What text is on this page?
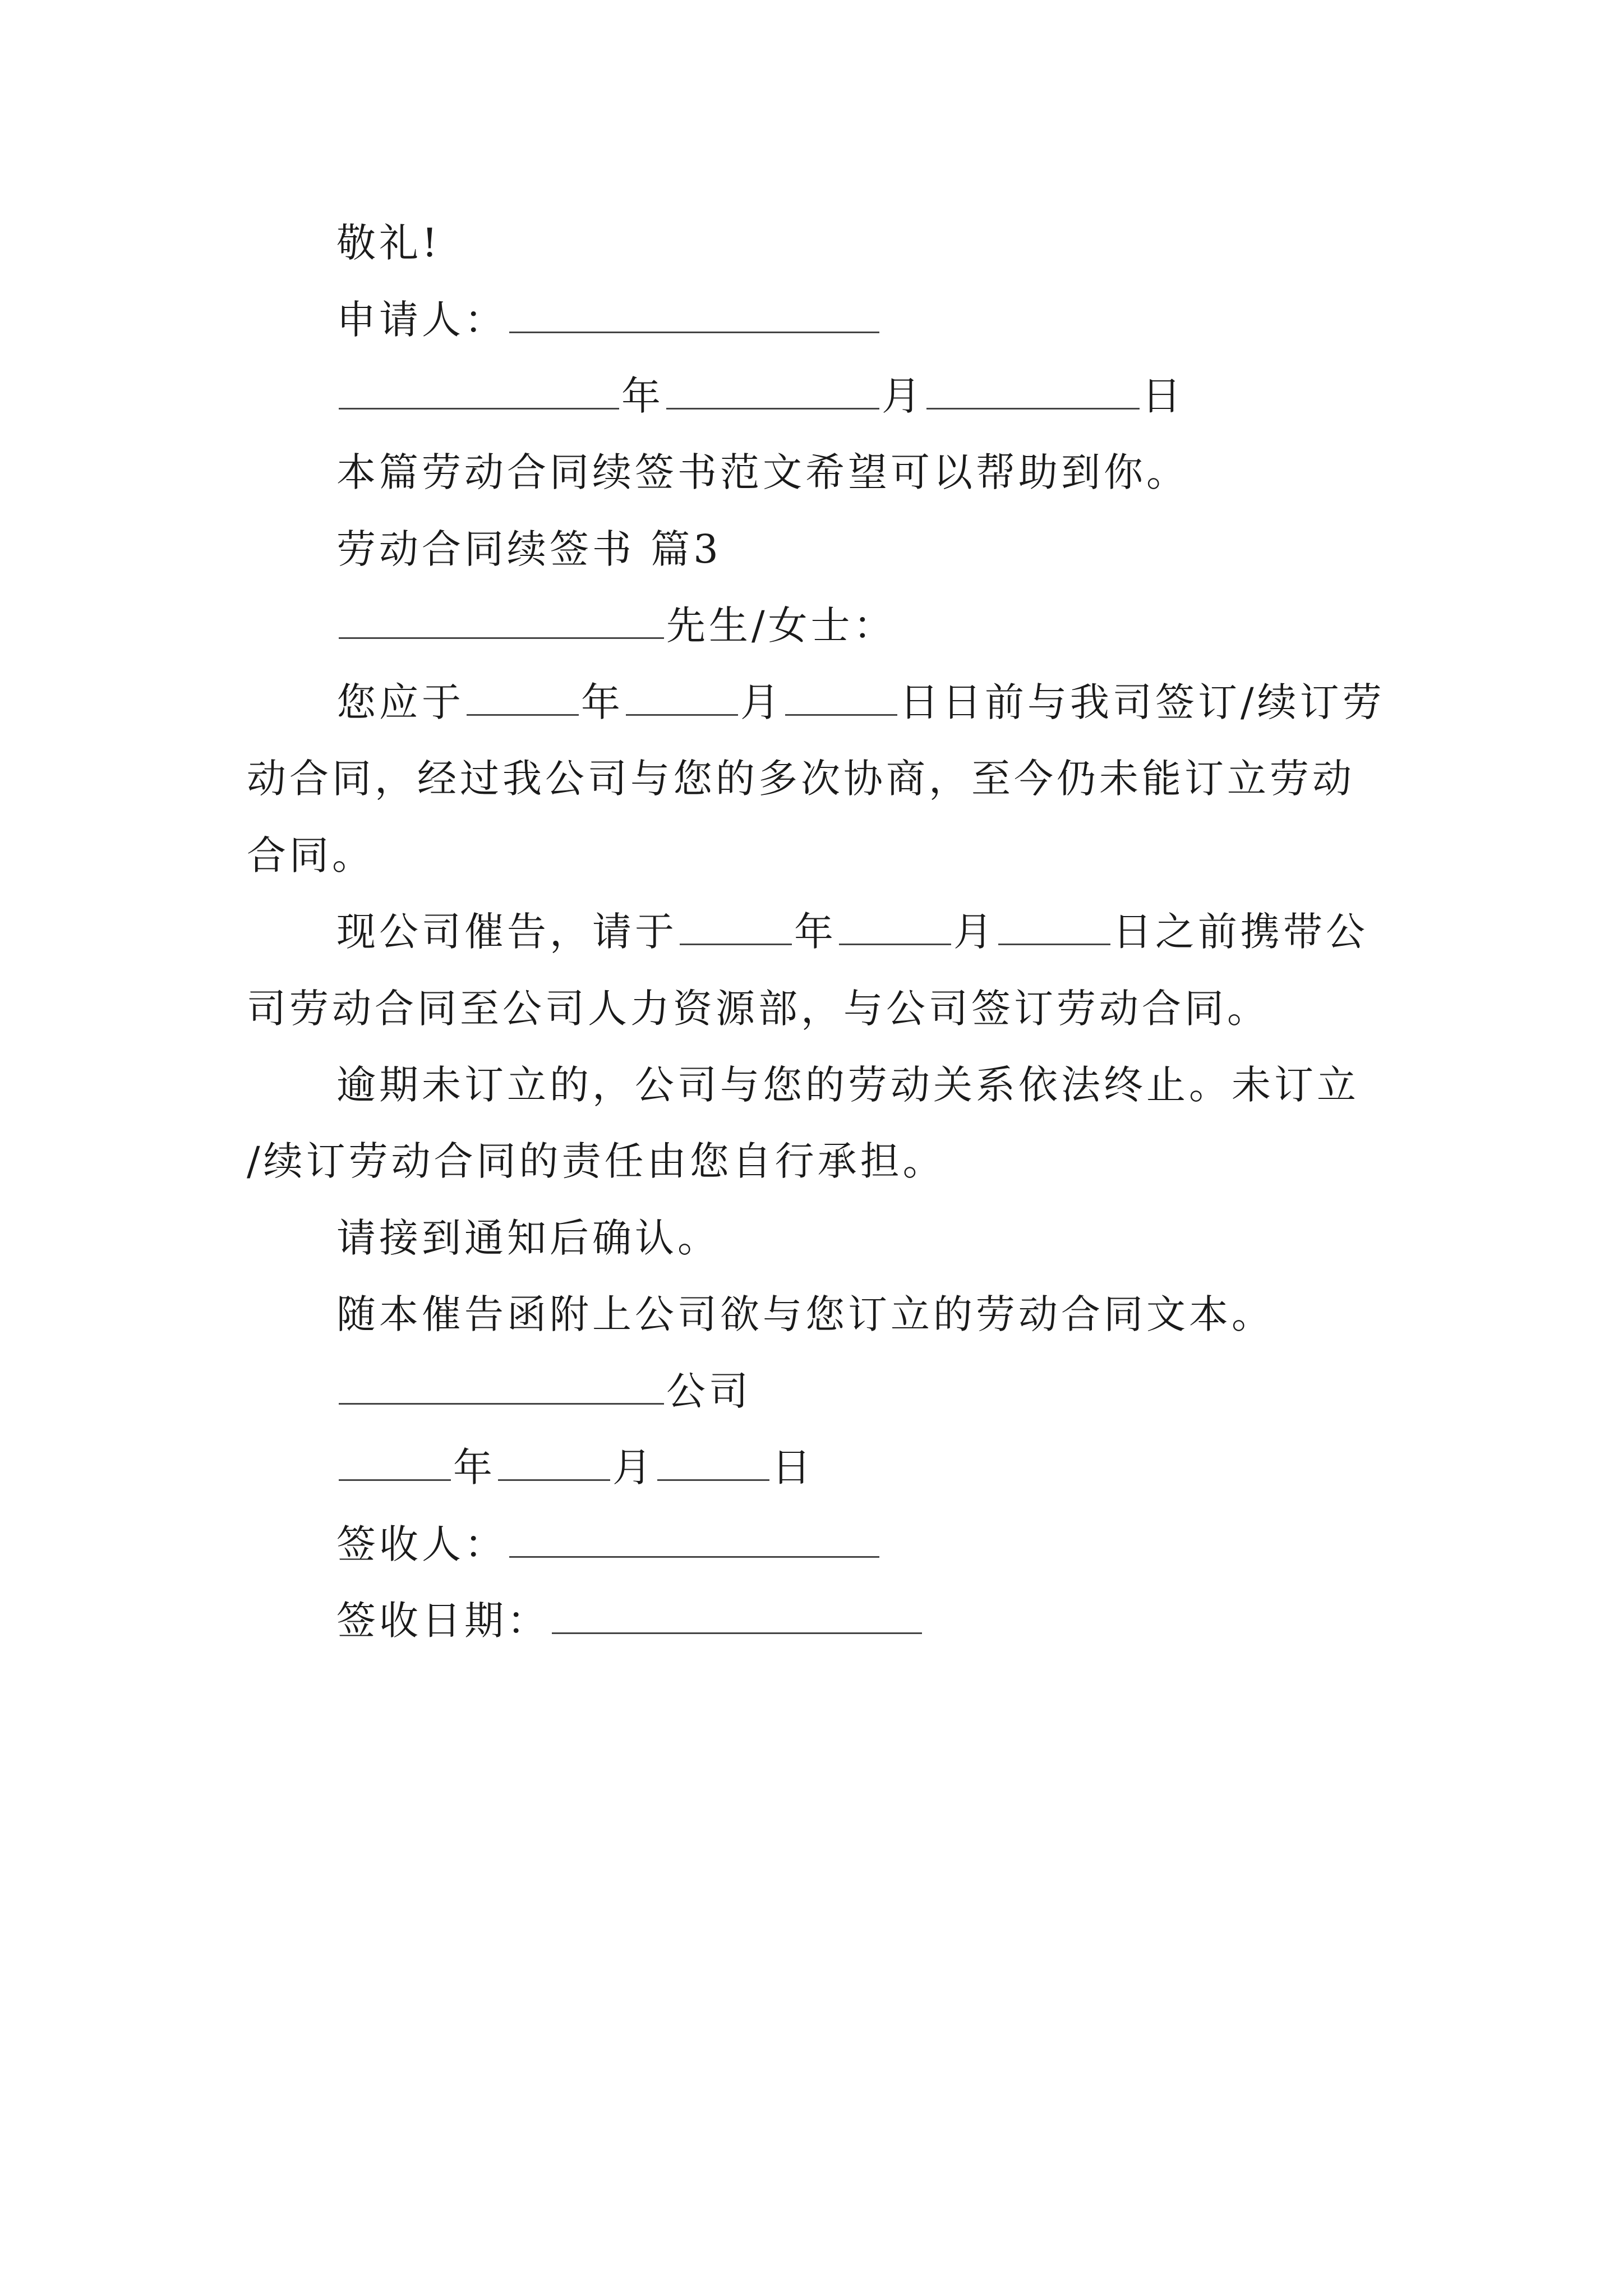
敬礼!
申请人：
年	月	日
本篇劳动合同续签书范文希望可以帮助到你。
劳动合同续签书 篇3
先生/女士：
您应于	年	月	日日前与我司签订/续订劳
动合同，经过我公司与您的多次协商，至今仍未能订立劳动
合同。
现公司催告，请于	年	月	日之前携带公
司劳动合同至公司人力资源部，与公司签订劳动合同。
逾期未订立的，公司与您的劳动关系依法终止。未订立
/续订劳动合同的责任由您自行承担。
请接到通知后确认。
随本催告函附上公司欲与您订立的劳动合同文本。
公司
年	月	日
签收人：
签收日期：
